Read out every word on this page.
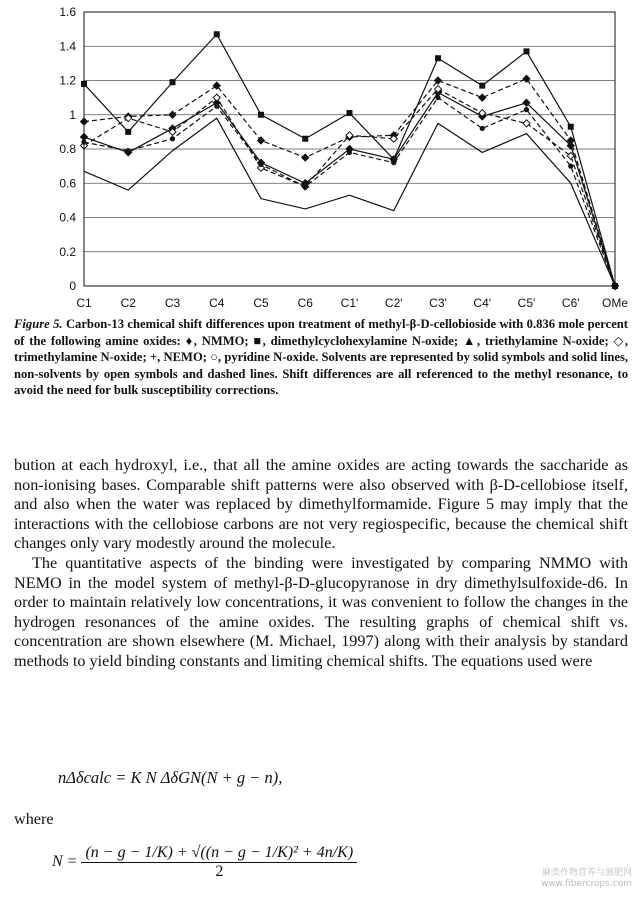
0
0.2
0.4
0.6
0.8
1
1.2
1.4
1.6
C1 C2 C3 C4 C5 C6 C1' C2' C3' C4' C5' C6' OMe
Figure 5. Carbon-13 chemical shift differences upon treatment of methyl-β-D-cellobioside with 0.836 mole percent of the following amine oxides: ♦, NMMO; ■, dimethylcyclohexylamine N-oxide; ▲, triethylamine N-oxide; ◇, trimethylamine N-oxide; +, NEMO; ○, pyridine N-oxide. Solvents are represented by solid symbols and solid lines, non-solvents by open symbols and dashed lines. Shift differences are all referenced to the methyl resonance, to avoid the need for bulk susceptibility corrections.

bution at each hydroxyl, i.e., that all the amine oxides are acting towards the saccharide as non-ionising bases. Comparable shift patterns were also observed with β-D-cellobiose itself, and also when the water was replaced by dimethylformamide. Figure 5 may imply that the interactions with the cellobiose carbons are not very regiospecific, because the chemical shift changes only vary modestly around the molecule.

The quantitative aspects of the binding were investigated by comparing NMMO with NEMO in the model system of methyl-β-D-glucopyranose in dry dimethylsulfoxide-d6. In order to maintain relatively low concentrations, it was convenient to follow the changes in the hydrogen resonances of the amine oxides. The resulting graphs of chemical shift vs. concentration are shown elsewhere (M. Michael, 1997) along with their analysis by standard methods to yield binding constants and limiting chemical shifts. The equations used were

nΔδcalc = K N ΔδGN(N + g − n),
where
$N = \frac{\text{(n − g − 1/K) + √((n − g − 1/K)² + 4n/K)}}{2}$	麻类作物营养与施肥网
www.fibercrops.com
